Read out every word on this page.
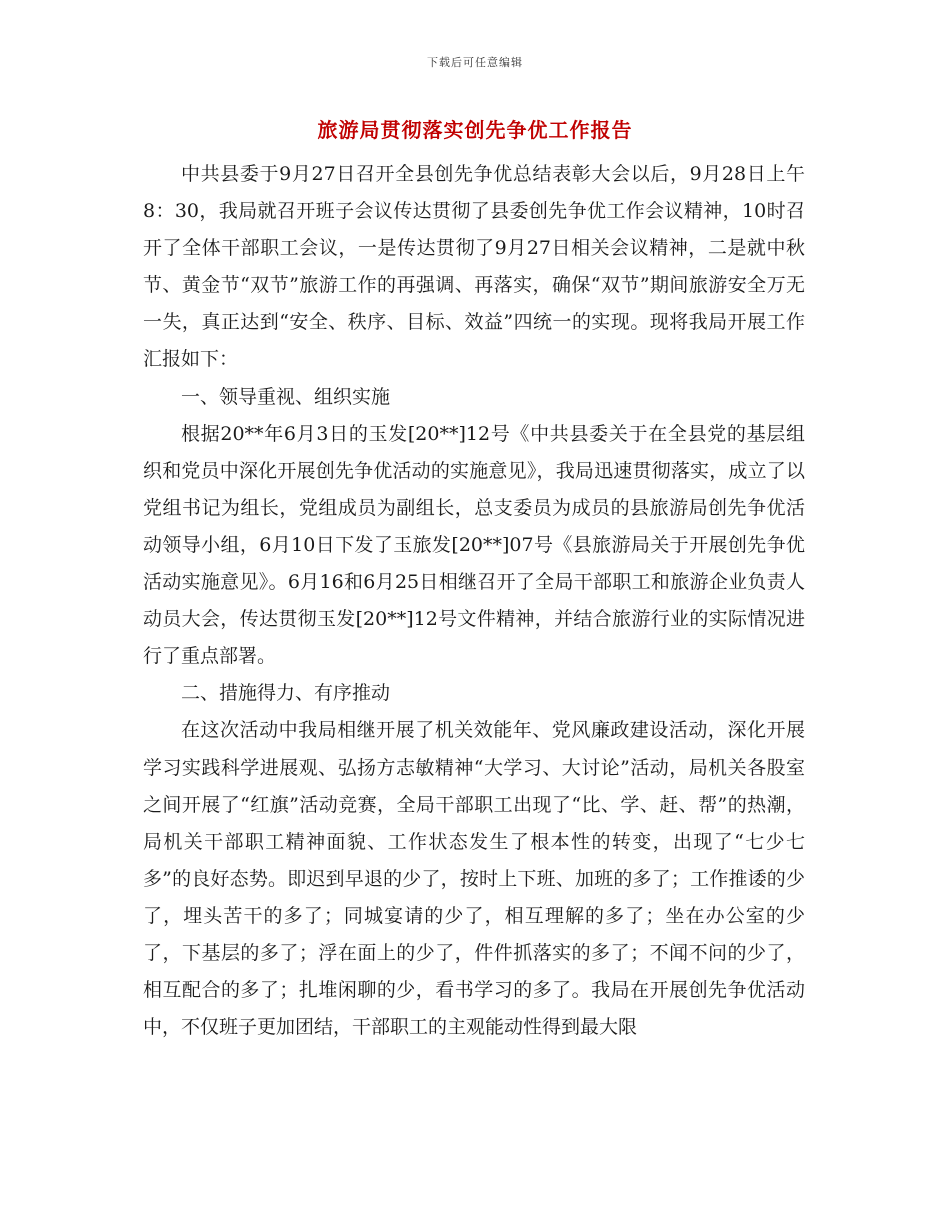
下载后可任意编辑
旅游局贯彻落实创先争优工作报告

中共县委于9月27日召开全县创先争优总结表彰大会以后，9月28日上午8：30，我局就召开班子会议传达贯彻了县委创先争优工作会议精神，10时召开了全体干部职工会议，一是传达贯彻了9月27日相关会议精神，二是就中秋节、黄金节“双节”旅游工作的再强调、再落实，确保“双节”期间旅游安全万无一失，真正达到“安全、秩序、目标、效益”四统一的实现。现将我局开展工作汇报如下：

一、领导重视、组织实施

根据20**年6月3日的玉发[20**]12号《中共县委关于在全县党的基层组织和党员中深化开展创先争优活动的实施意见》，我局迅速贯彻落实，成立了以党组书记为组长，党组成员为副组长，总支委员为成员的县旅游局创先争优活动领导小组，6月10日下发了玉旅发[20**]07号《县旅游局关于开展创先争优活动实施意见》。6月16和6月25日相继召开了全局干部职工和旅游企业负责人动员大会，传达贯彻玉发[20**]12号文件精神，并结合旅游行业的实际情况进行了重点部署。

二、措施得力、有序推动

在这次活动中我局相继开展了机关效能年、党风廉政建设活动，深化开展学习实践科学进展观、弘扬方志敏精神“大学习、大讨论”活动，局机关各股室之间开展了“红旗”活动竞赛，全局干部职工出现了“比、学、赶、帮”的热潮，局机关干部职工精神面貌、工作状态发生了根本性的转变，出现了“七少七多”的良好态势。即迟到早退的少了，按时上下班、加班的多了；工作推诿的少了，埋头苦干的多了；同城宴请的少了，相互理解的多了；坐在办公室的少了，下基层的多了；浮在面上的少了，件件抓落实的多了；不闻不问的少了，相互配合的多了；扎堆闲聊的少，看书学习的多了。我局在开展创先争优活动中，不仅班子更加团结，干部职工的主观能动性得到最大限
